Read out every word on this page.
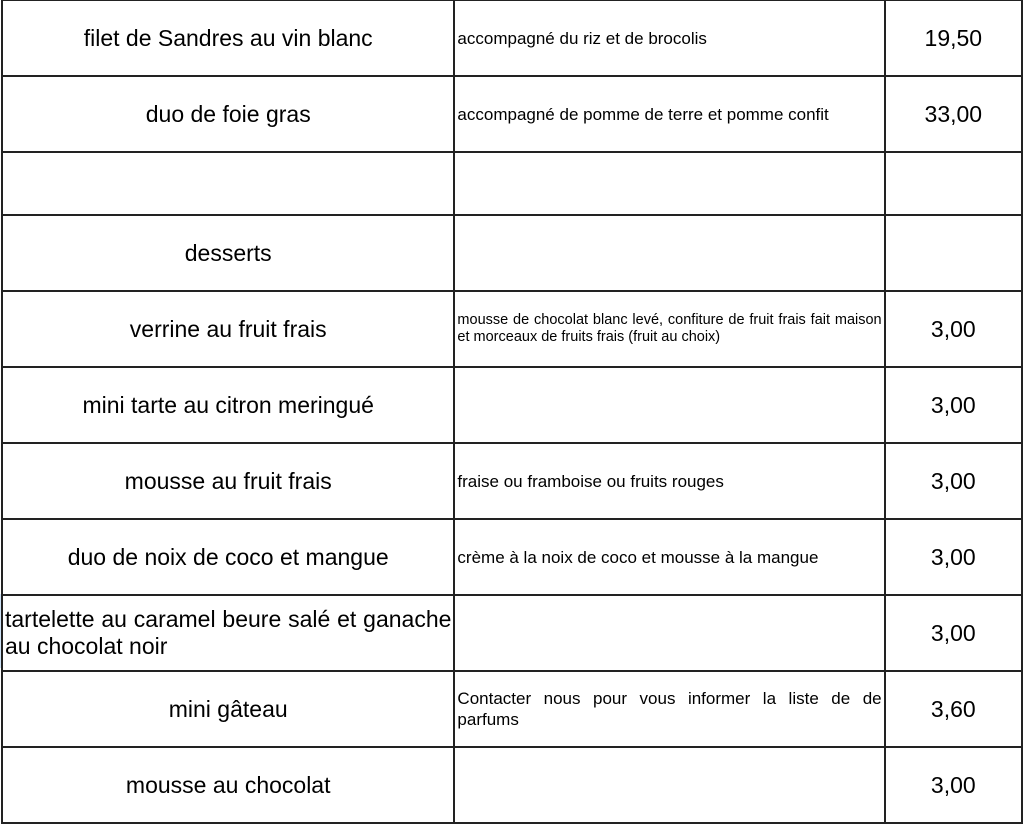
filet de Sandres au vin blanc	accompagné du riz et de brocolis	19,50

duo de foie gras	accompagné de pomme de terre et pomme confit	33,00

desserts		

verrine au fruit frais	mousse de chocolat blanc levé, confiture de fruit frais fait maison et morceaux de fruits frais (fruit au choix)	3,00

mini tarte au citron meringué		3,00

mousse au fruit frais	fraise ou framboise ou fruits rouges	3,00

duo de noix de coco et mangue	crème à la noix de coco et mousse à la mangue	3,00

tartelette au caramel beure salé et ganache au chocolat noir		3,00

mini gâteau	Contacter nous pour vous informer la liste de de parfums	3,60

mousse au chocolat		3,00
